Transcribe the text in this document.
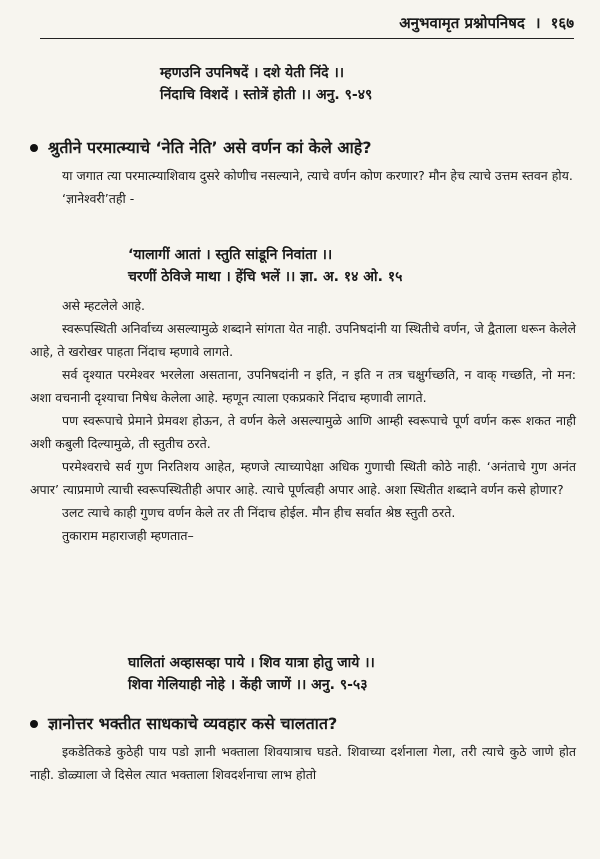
अनुभवामृत प्रश्नोपनिषद । १६७
म्हणउनि उपनिषदें । दशे येती निंदे ।।
निंदाचि विशदें । स्तोत्रें होती ।। अनु. ९-४९
श्रुतीने परमात्म्याचे ‘नेति नेति’ असे वर्णन कां केले आहे?

या जगात त्या परमात्म्याशिवाय दुसरे कोणीच नसल्याने, त्याचे वर्णन कोण करणार? मौन हेच त्याचे उत्तम स्तवन होय.

‘ज्ञानेश्वरी’तही -

‘यालागीं आतां । स्तुति सांडूनि निवांता ।।
चरणीं ठेविजे माथा । हेंचि भलें ।। ज्ञा. अ. १४ ओ. १५

असे म्हटलेले आहे.

स्वरूपस्थिती अनिर्वाच्य असल्यामुळे शब्दाने सांगता येत नाही. उपनिषदांनी या स्थितीचे वर्णन, जे द्वैताला धरून केलेले आहे, ते खरोखर पाहता निंदाच म्हणावे लागते.

सर्व दृश्यात परमेश्वर भरलेला असताना, उपनिषदांनी न इति, न इति न तत्र चक्षुर्गच्छति, न वाक् गच्छति, नो मन: अशा वचनानी दृश्याचा निषेध केलेला आहे. म्हणून त्याला एकप्रकारे निंदाच म्हणावी लागते.

पण स्वरूपाचे प्रेमाने प्रेमवश होऊन, ते वर्णन केले असल्यामुळे आणि आम्ही स्वरूपाचे पूर्ण वर्णन करू शकत नाही अशी कबुली दिल्यामुळे, ती स्तुतीच ठरते.

परमेश्वराचे सर्व गुण निरतिशय आहेत, म्हणजे त्याच्यापेक्षा अधिक गुणाची स्थिती कोठे नाही. ‘अनंताचे गुण अनंत अपार’ त्याप्रमाणे त्याची स्वरूपस्थितीही अपार आहे. त्याचे पूर्णत्वही अपार आहे. अशा स्थितीत शब्दाने वर्णन कसे होणार?

उलट त्याचे काही गुणच वर्णन केले तर ती निंदाच होईल. मौन हीच सर्वात श्रेष्ठ स्तुती ठरते.

तुकाराम महाराजही म्हणतात–

घालितां अव्हासव्हा पाये । शिव यात्रा होतु जाये ।।
शिवा गेलियाही नोहे । केंही जाणें ।। अनु. ९-५३
ज्ञानोत्तर भक्तीत साधकाचे व्यवहार कसे चालतात?

इकडेतिकडे कुठेही पाय पडो ज्ञानी भक्ताला शिवयात्राच घडते. शिवाच्या दर्शनाला गेला, तरी त्याचे कुठे जाणे होत नाही. डोळ्याला जे दिसेल त्यात भक्ताला शिवदर्शनाचा लाभ होतो
